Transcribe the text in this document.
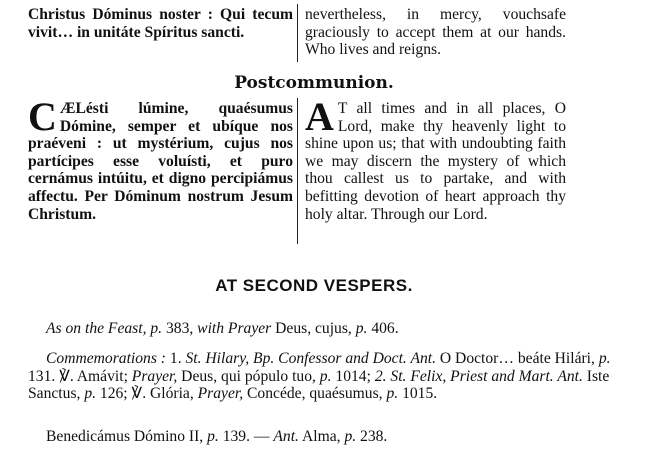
Christus Dóminus noster : Qui tecum vivit… in unitáte Spíritus sancti.
nevertheless, in mercy, vouchsafe graciously to accept them at our hands. Who lives and reigns.
Postcommunion.
C ÆLésti lúmine, quaésumus Dómine, semper et ubíque nos praéveni : ut mystérium, cujus nos partícipes esse voluísti, et puro cernámus intúitu, et digno percipiámus affectu. Per Dóminum nostrum Jesum Christum.
A T all times and in all places, O Lord, make thy heavenly light to shine upon us; that with undoubting faith we may discern the mystery of which thou callest us to partake, and with befitting devotion of heart approach thy holy altar. Through our Lord.
AT SECOND VESPERS.
As on the Feast, p. 383, with Prayer Deus, cujus, p. 406.
Commemorations : 1. St. Hilary, Bp. Confessor and Doct. Ant. O Doctor… beáte Hilári, p. 131. ℣. Amávit; Prayer, Deus, qui pópulo tuo, p. 1014; 2. St. Felix, Priest and Mart. Ant. Iste Sanctus, p. 126; ℣. Glória, Prayer, Concéde, quaésumus, p. 1015.
Benedicámus Dómino II, p. 139. — Ant. Alma, p. 238.
